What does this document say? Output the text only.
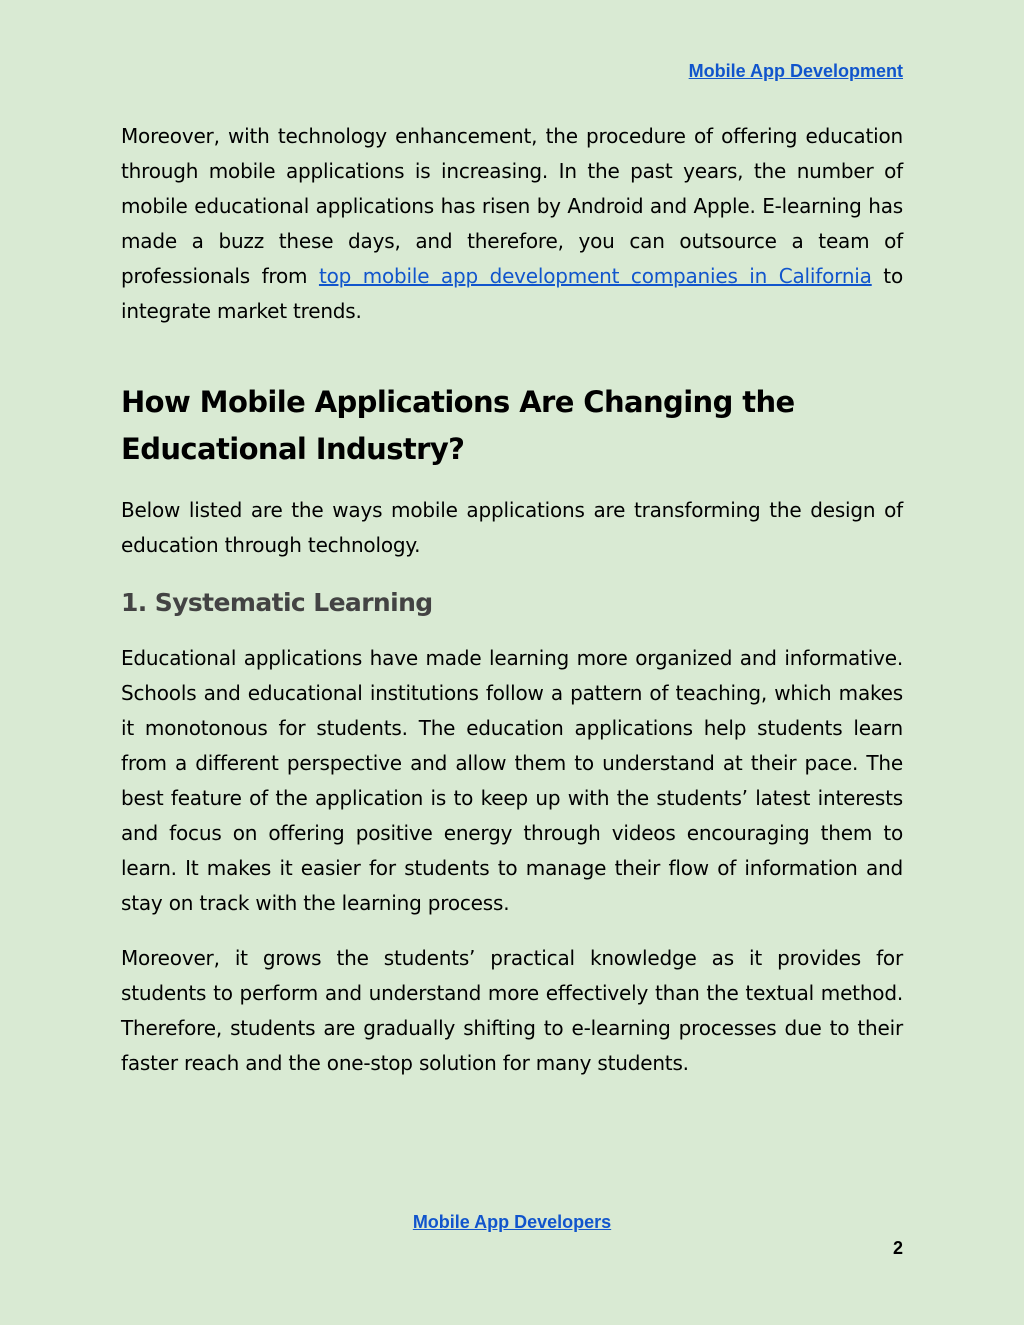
Mobile App Development

Moreover, with technology enhancement, the procedure of offering education through mobile applications is increasing. In the past years, the number of mobile educational applications has risen by Android and Apple. E-learning has made a buzz these days, and therefore, you can outsource a team of professionals from top mobile app development companies in California to integrate market trends.

How Mobile Applications Are Changing the Educational Industry?

Below listed are the ways mobile applications are transforming the design of education through technology.

1. Systematic Learning

Educational applications have made learning more organized and informative. Schools and educational institutions follow a pattern of teaching, which makes it monotonous for students. The education applications help students learn from a different perspective and allow them to understand at their pace. The best feature of the application is to keep up with the students’ latest interests and focus on offering positive energy through videos encouraging them to learn. It makes it easier for students to manage their flow of information and stay on track with the learning process.

Moreover, it grows the students’ practical knowledge as it provides for students to perform and understand more effectively than the textual method. Therefore, students are gradually shifting to e-learning processes due to their faster reach and the one-stop solution for many students.

Mobile App Developers
2
